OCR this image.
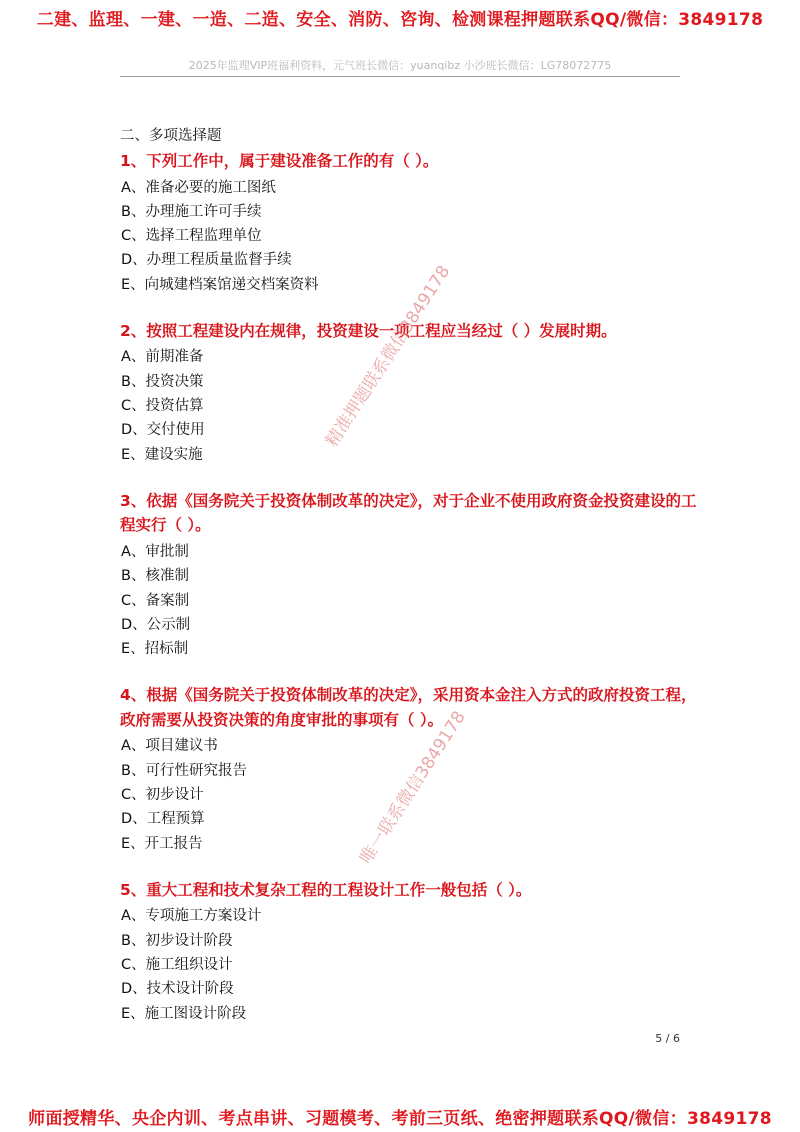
二建、监理、一建、一造、二造、安全、消防、咨询、检测课程押题联系QQ/微信：3849178
2025年监理VIP班福利资料，元气班长微信：yuanqibz 小沙班长微信：LG78072775
二、多项选择题
1、下列工作中，属于建设准备工作的有（ ）。
A、准备必要的施工图纸
B、办理施工许可手续
C、选择工程监理单位
D、办理工程质量监督手续
E、向城建档案馆递交档案资料
2、按照工程建设内在规律，投资建设一项工程应当经过（ ）发展时期。
A、前期准备
B、投资决策
C、投资估算
D、交付使用
E、建设实施
3、依据《国务院关于投资体制改革的决定》，对于企业不使用政府资金投资建设的工程实行（ ）。
A、审批制
B、核准制
C、备案制
D、公示制
E、招标制
4、根据《国务院关于投资体制改革的决定》，采用资本金注入方式的政府投资工程，政府需要从投资决策的角度审批的事项有（ ）。
A、项目建议书
B、可行性研究报告
C、初步设计
D、工程预算
E、开工报告
5、重大工程和技术复杂工程的工程设计工作一般包括（ ）。
A、专项施工方案设计
B、初步设计阶段
C、施工组织设计
D、技术设计阶段
E、施工图设计阶段
精准押题联系微信3849178
唯一联系微信3849178
5 / 6
师面授精华、央企内训、考点串讲、习题模考、考前三页纸、绝密押题联系QQ/微信：3849178
